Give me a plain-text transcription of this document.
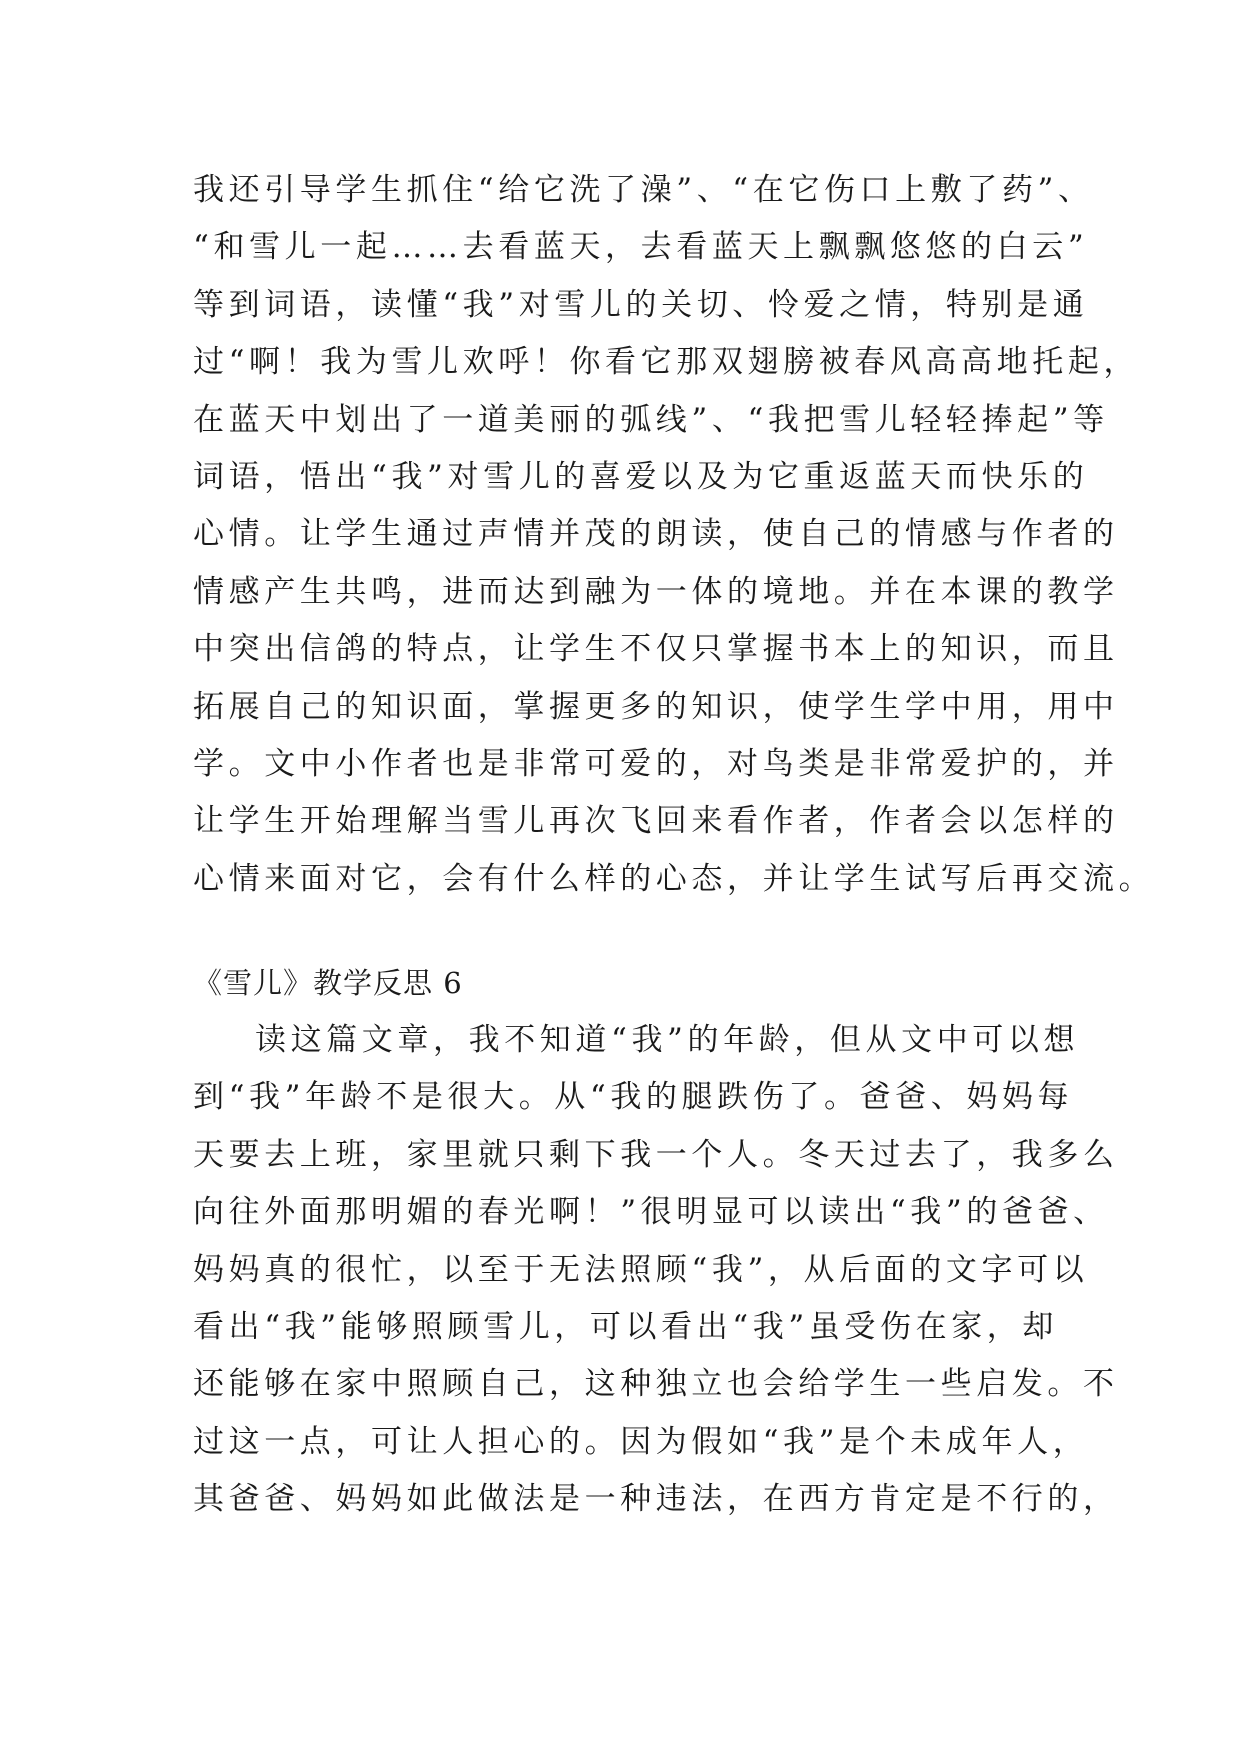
我还引导学生抓住“给它洗了澡”、“在它伤口上敷了药”、
“和雪儿一起……去看蓝天，去看蓝天上飘飘悠悠的白云”
等到词语，读懂“我”对雪儿的关切、怜爱之情，特别是通
过“啊！我为雪儿欢呼！你看它那双翅膀被春风高高地托起，
在蓝天中划出了一道美丽的弧线”、“我把雪儿轻轻捧起”等
词语，悟出“我”对雪儿的喜爱以及为它重返蓝天而快乐的
心情。让学生通过声情并茂的朗读，使自己的情感与作者的
情感产生共鸣，进而达到融为一体的境地。并在本课的教学
中突出信鸽的特点，让学生不仅只掌握书本上的知识，而且
拓展自己的知识面，掌握更多的知识，使学生学中用，用中
学。文中小作者也是非常可爱的，对鸟类是非常爱护的，并
让学生开始理解当雪儿再次飞回来看作者，作者会以怎样的
心情来面对它，会有什么样的心态，并让学生试写后再交流。
《雪儿》教学反思 6
读这篇文章，我不知道“我”的年龄，但从文中可以想
到“我”年龄不是很大。从“我的腿跌伤了。爸爸、妈妈每
天要去上班，家里就只剩下我一个人。冬天过去了，我多么
向往外面那明媚的春光啊！”很明显可以读出“我”的爸爸、
妈妈真的很忙，以至于无法照顾“我”，从后面的文字可以
看出“我”能够照顾雪儿，可以看出“我”虽受伤在家，却
还能够在家中照顾自己，这种独立也会给学生一些启发。不
过这一点，可让人担心的。因为假如“我”是个未成年人，
其爸爸、妈妈如此做法是一种违法，在西方肯定是不行的，
